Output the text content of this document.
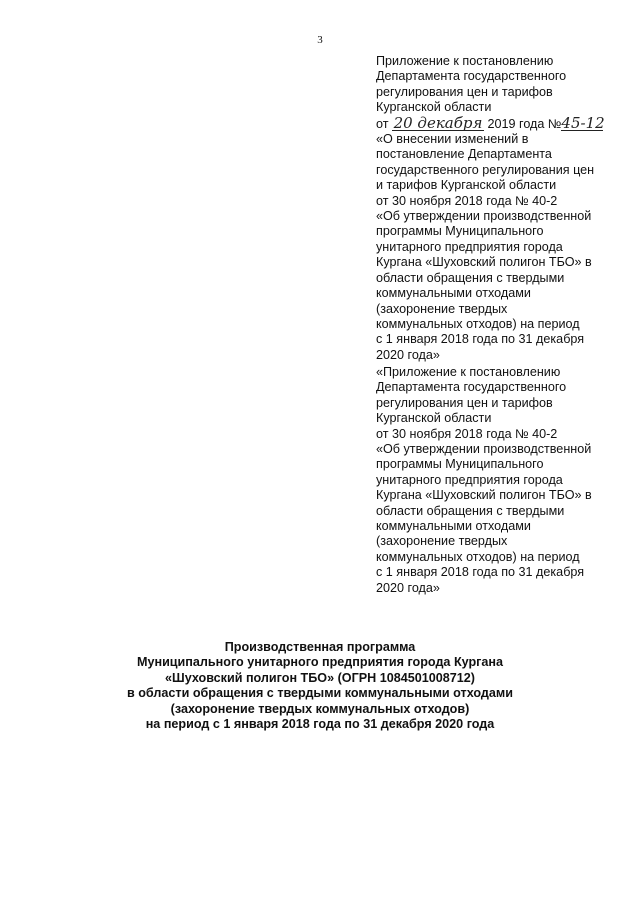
3
Приложение к постановлению
Департамента государственного
регулирования цен и тарифов
Курганской области
от 20 декабря 2019 года №45-12
«О внесении изменений в
постановление Департамента
государственного регулирования цен
и тарифов Курганской области
от 30 ноября 2018 года № 40-2
«Об утверждении производственной
программы Муниципального
унитарного предприятия города
Кургана «Шуховский полигон ТБО» в
области обращения с твердыми
коммунальными отходами
(захоронение твердых
коммунальных отходов) на период
с 1 января 2018 года по 31 декабря
2020 года»
«Приложение к постановлению
Департамента государственного
регулирования цен и тарифов
Курганской области
от 30 ноября 2018 года № 40-2
«Об утверждении производственной
программы Муниципального
унитарного предприятия города
Кургана «Шуховский полигон ТБО» в
области обращения с твердыми
коммунальными отходами
(захоронение твердых
коммунальных отходов) на период
с 1 января 2018 года по 31 декабря
2020 года»
Производственная программа
Муниципального унитарного предприятия города Кургана
«Шуховский полигон ТБО» (ОГРН 1084501008712)
в области обращения с твердыми коммунальными отходами
(захоронение твердых коммунальных отходов)
на период с 1 января 2018 года по 31 декабря 2020 года
